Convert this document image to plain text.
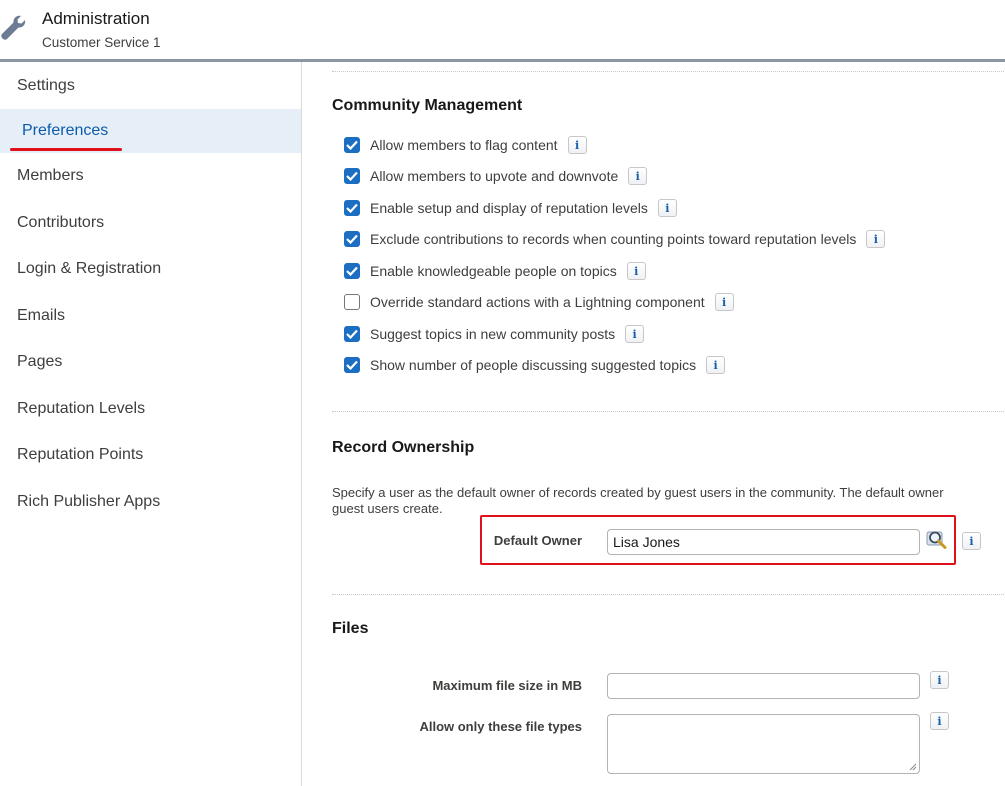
Administration
Customer Service 1
Settings
Preferences
Members
Contributors
Login & Registration
Emails
Pages
Reputation Levels
Reputation Points
Rich Publisher Apps
Community Management
Allow members to flag content	i
Allow members to upvote and downvote	i
Enable setup and display of reputation levels	i
Exclude contributions to records when counting points toward reputation levels	i
Enable knowledgeable people on topics	i
Override standard actions with a Lightning component	i
Suggest topics in new community posts	i
Show number of people discussing suggested topics	i
Record Ownership
Specify a user as the default owner of records created by guest users in the community. The default owner
guest users create.
Default Owner
Lisa Jones	i
Files
Maximum file size in MB	i
Allow only these file types	i
